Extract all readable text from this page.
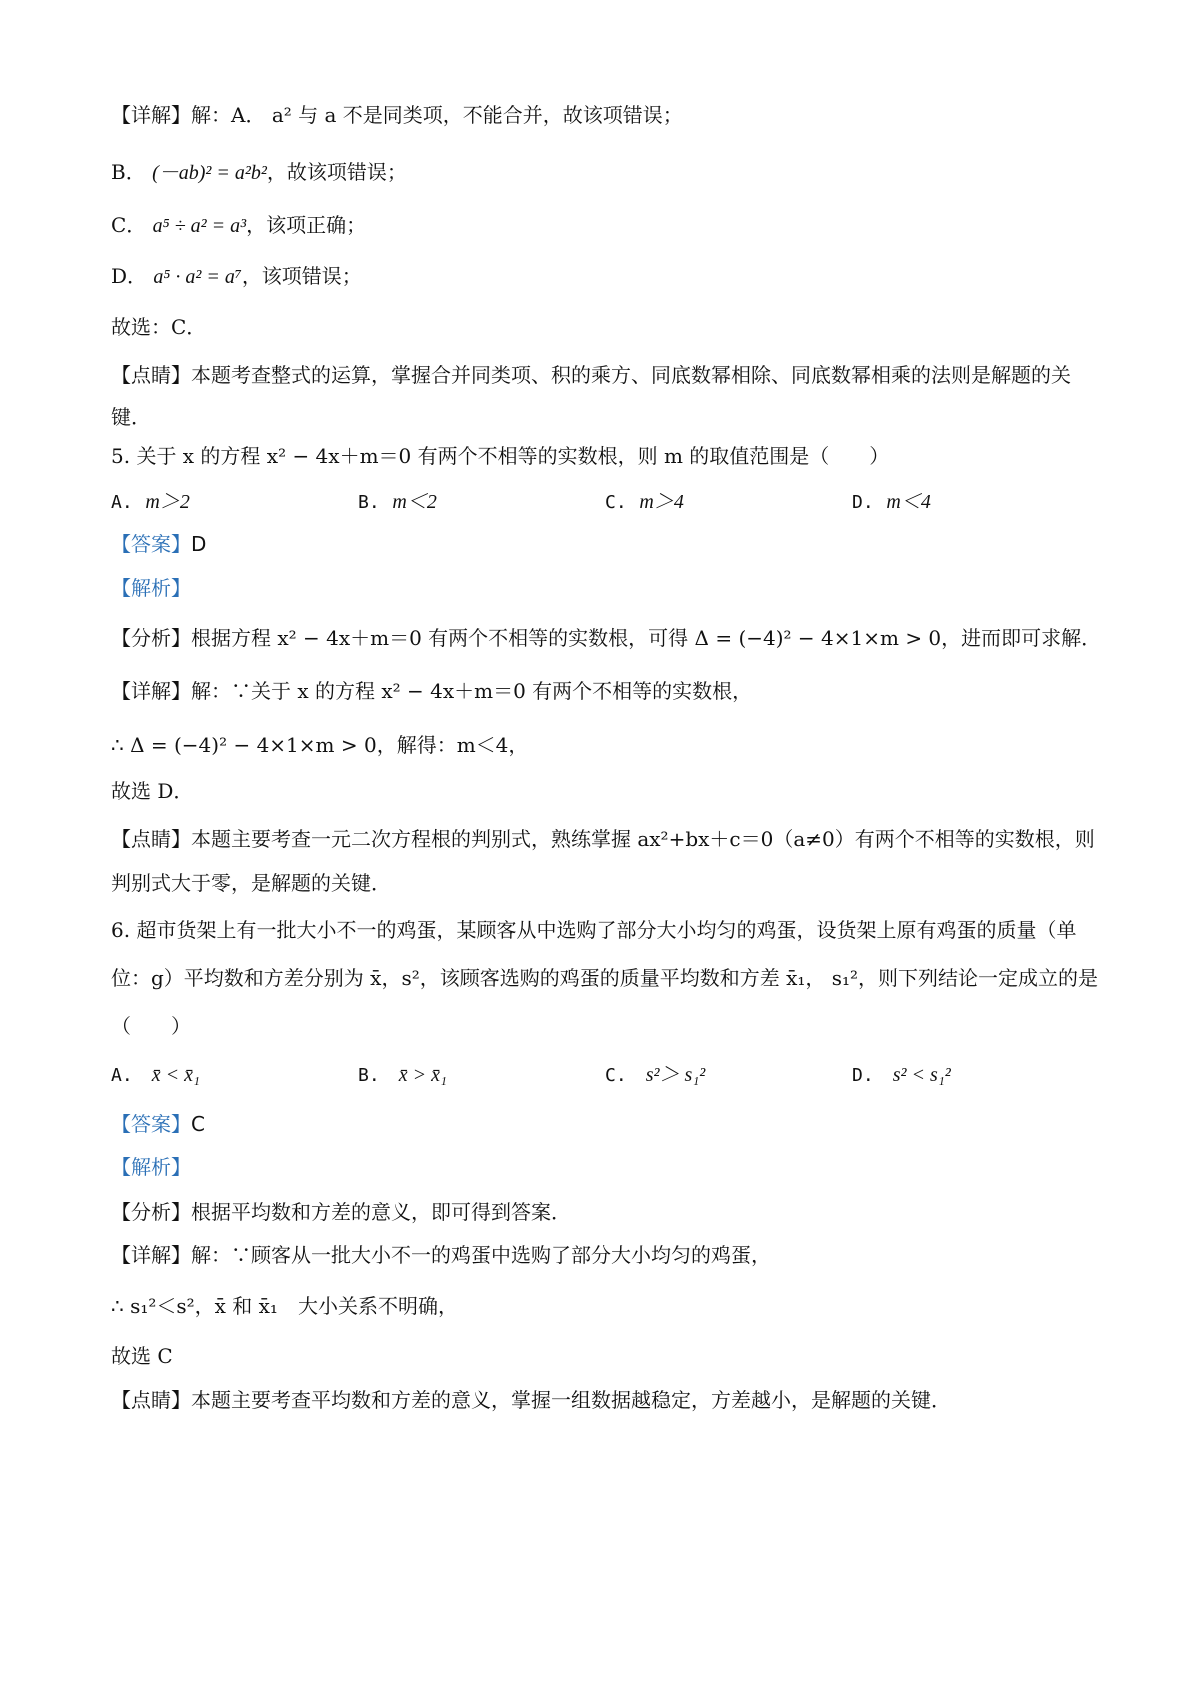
【详解】解：A． a² 与 a 不是同类项，不能合并，故该项错误；
B． (－ab)² = a²b²，故该项错误；
C． a⁵ ÷ a² = a³，该项正确；
D． a⁵ · a² = a⁷，该项错误；
故选：C．
【点睛】本题考查整式的运算，掌握合并同类项、积的乘方、同底数幂相除、同底数幂相乘的法则是解题的关键．
5. 关于 x 的方程 x² − 4x＋m＝0 有两个不相等的实数根，则 m 的取值范围是（　　）
A. m＞2	B. m＜2	C. m＞4	D. m＜4
【答案】D
【解析】
【分析】根据方程 x² − 4x＋m＝0 有两个不相等的实数根，可得 Δ = (−4)² − 4×1×m > 0，进而即可求解．
【详解】解：∵关于 x 的方程 x² − 4x＋m＝0 有两个不相等的实数根，
∴ Δ = (−4)² − 4×1×m > 0，解得：m＜4，
故选 D．
【点睛】本题主要考查一元二次方程根的判别式，熟练掌握 ax²+bx＋c＝0（a≠0）有两个不相等的实数根，则判别式大于零，是解题的关键．
6. 超市货架上有一批大小不一的鸡蛋，某顾客从中选购了部分大小均匀的鸡蛋，设货架上原有鸡蛋的质量（单位：g）平均数和方差分别为 x̄，s²，该顾客选购的鸡蛋的质量平均数和方差 x̄₁， s₁²，则下列结论一定成立的是（　　）
A. x̄ < x̄₁	B. x̄ > x̄₁	C. s²＞ s₁²	D. s² < s₁²
【答案】C
【解析】
【分析】根据平均数和方差的意义，即可得到答案．
【详解】解：∵顾客从一批大小不一的鸡蛋中选购了部分大小均匀的鸡蛋，
∴ s₁²＜s²，x̄ 和 x̄₁　大小关系不明确，
故选 C
【点睛】本题主要考查平均数和方差的意义，掌握一组数据越稳定，方差越小，是解题的关键．
